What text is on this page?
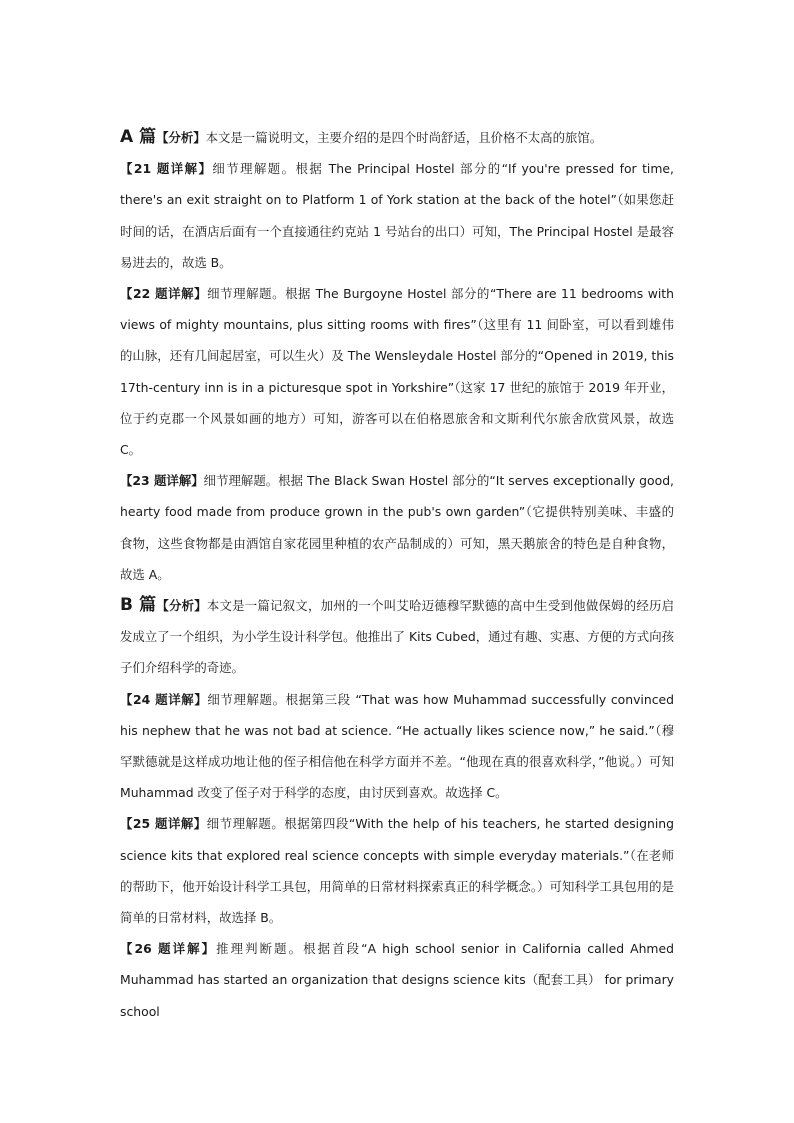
A 篇【分析】本文是一篇说明文，主要介绍的是四个时尚舒适，且价格不太高的旅馆。

【21 题详解】细节理解题。根据 The Principal Hostel 部分的“If you're pressed for time, there's an exit straight on to Platform 1 of York station at the back of the hotel”（如果您赶时间的话，在酒店后面有一个直接通往约克站 1 号站台的出口）可知，The Principal Hostel 是最容易进去的，故选 B。

【22 题详解】细节理解题。根据 The Burgoyne Hostel 部分的“There are 11 bedrooms with views of mighty mountains, plus sitting rooms with fires”（这里有 11 间卧室，可以看到雄伟的山脉，还有几间起居室，可以生火）及 The Wensleydale Hostel 部分的“Opened in 2019, this 17th-century inn is in a picturesque spot in Yorkshire”（这家 17 世纪的旅馆于 2019 年开业，位于约克郡一个风景如画的地方）可知，游客可以在伯格恩旅舍和文斯利代尔旅舍欣赏风景，故选 C。

【23 题详解】细节理解题。根据 The Black Swan Hostel 部分的“It serves exceptionally good, hearty food made from produce grown in the pub's own garden”（它提供特别美味、丰盛的食物，这些食物都是由酒馆自家花园里种植的农产品制成的）可知，黑天鹅旅舍的特色是自种食物，故选 A。

B 篇【分析】本文是一篇记叙文，加州的一个叫艾哈迈德穆罕默德的高中生受到他做保姆的经历启发成立了一个组织，为小学生设计科学包。他推出了 Kits Cubed，通过有趣、实惠、方便的方式向孩子们介绍科学的奇迹。

【24 题详解】细节理解题。根据第三段 “That was how Muhammad successfully convinced his nephew that he was not bad at science. “He actually likes science now,” he said.”（穆罕默德就是这样成功地让他的侄子相信他在科学方面并不差。“他现在真的很喜欢科学，”他说。）可知 Muhammad 改变了侄子对于科学的态度，由讨厌到喜欢。故选择 C。

【25 题详解】细节理解题。根据第四段“With the help of his teachers, he started designing science kits that explored real science concepts with simple everyday materials.”（在老师的帮助下，他开始设计科学工具包，用简单的日常材料探索真正的科学概念。）可知科学工具包用的是简单的日常材料，故选择 B。

【26 题详解】推理判断题。根据首段“A high school senior in California called Ahmed Muhammad has started an organization that designs science kits（配套工具） for primary school
